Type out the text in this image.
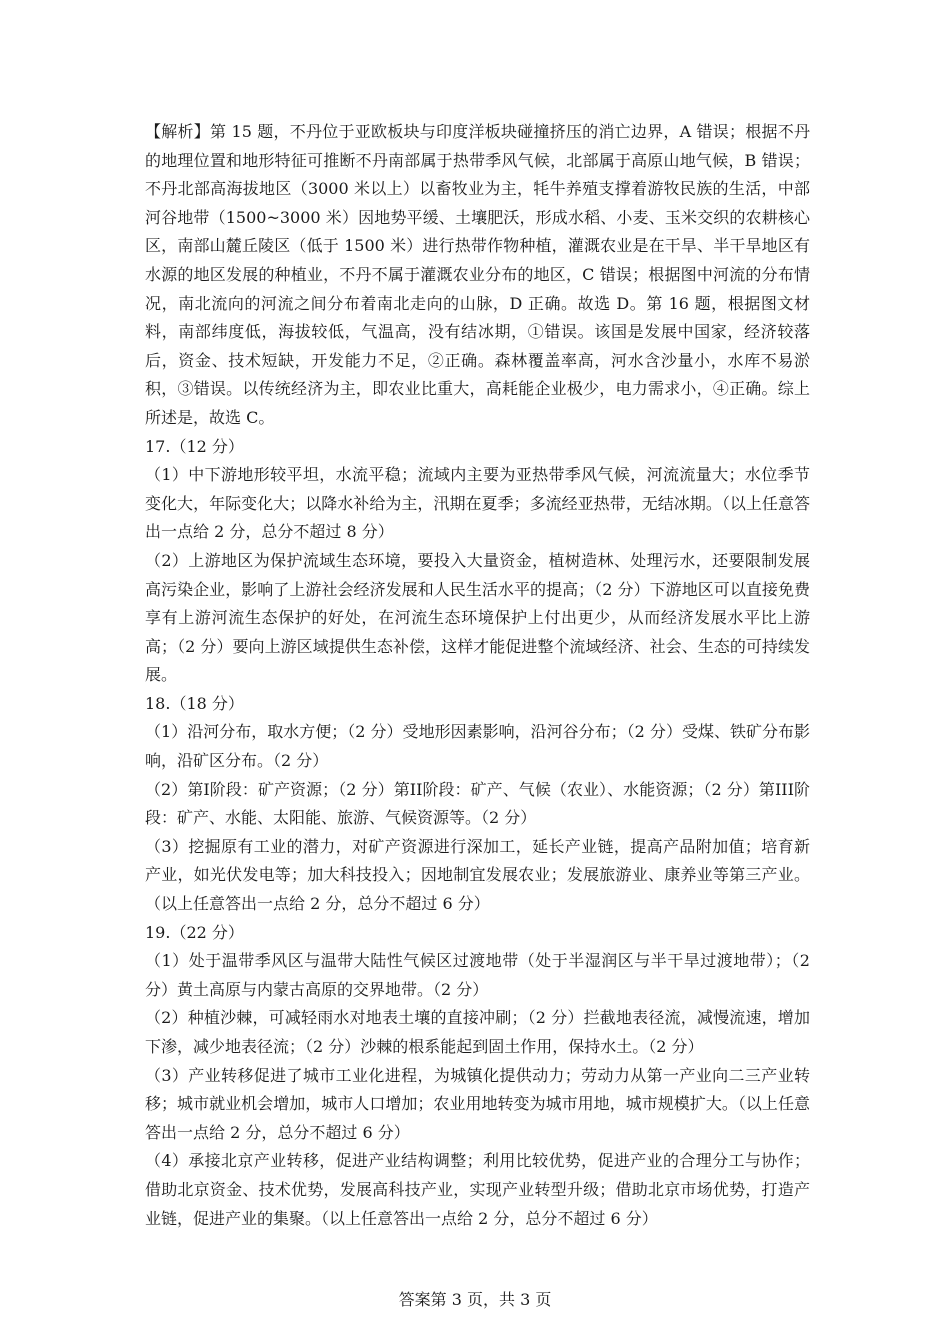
【解析】第 15 题，不丹位于亚欧板块与印度洋板块碰撞挤压的消亡边界，A 错误；根据不丹的地理位置和地形特征可推断不丹南部属于热带季风气候，北部属于高原山地气候，B 错误；不丹北部高海拔地区（3000 米以上）以畜牧业为主，牦牛养殖支撑着游牧民族的生活，中部河谷地带（1500~3000 米）因地势平缓、土壤肥沃，形成水稻、小麦、玉米交织的农耕核心区，南部山麓丘陵区（低于 1500 米）进行热带作物种植，灌溉农业是在干旱、半干旱地区有水源的地区发展的种植业，不丹不属于灌溉农业分布的地区，C 错误；根据图中河流的分布情况，南北流向的河流之间分布着南北走向的山脉，D 正确。故选 D。第 16 题，根据图文材料，南部纬度低，海拔较低，气温高，没有结冰期，①错误。该国是发展中国家，经济较落后，资金、技术短缺，开发能力不足，②正确。森林覆盖率高，河水含沙量小，水库不易淤积，③错误。以传统经济为主，即农业比重大，高耗能企业极少，电力需求小，④正确。综上所述是，故选 C。

17.（12 分）

（1）中下游地形较平坦，水流平稳；流域内主要为亚热带季风气候，河流流量大；水位季节变化大，年际变化大；以降水补给为主，汛期在夏季；多流经亚热带，无结冰期。（以上任意答出一点给 2 分，总分不超过 8 分）

（2）上游地区为保护流域生态环境，要投入大量资金，植树造林、处理污水，还要限制发展高污染企业，影响了上游社会经济发展和人民生活水平的提高；（2 分）下游地区可以直接免费享有上游河流生态保护的好处，在河流生态环境保护上付出更少，从而经济发展水平比上游高；（2 分）要向上游区域提供生态补偿，这样才能促进整个流域经济、社会、生态的可持续发展。

18.（18 分）

（1）沿河分布，取水方便；（2 分）受地形因素影响，沿河谷分布；（2 分）受煤、铁矿分布影响，沿矿区分布。（2 分）

（2）第I阶段：矿产资源；（2 分）第II阶段：矿产、气候（农业）、水能资源；（2 分）第III阶段：矿产、水能、太阳能、旅游、气候资源等。（2 分）

（3）挖掘原有工业的潜力，对矿产资源进行深加工，延长产业链，提高产品附加值；培育新产业，如光伏发电等；加大科技投入；因地制宜发展农业；发展旅游业、康养业等第三产业。（以上任意答出一点给 2 分，总分不超过 6 分）

19.（22 分）

（1）处于温带季风区与温带大陆性气候区过渡地带（处于半湿润区与半干旱过渡地带）；（2 分）黄土高原与内蒙古高原的交界地带。（2 分）

（2）种植沙棘，可减轻雨水对地表土壤的直接冲刷；（2 分）拦截地表径流，减慢流速，增加下渗，减少地表径流；（2 分）沙棘的根系能起到固土作用，保持水土。（2 分）

（3）产业转移促进了城市工业化进程，为城镇化提供动力；劳动力从第一产业向二三产业转移；城市就业机会增加，城市人口增加；农业用地转变为城市用地，城市规模扩大。（以上任意答出一点给 2 分，总分不超过 6 分）

（4）承接北京产业转移，促进产业结构调整；利用比较优势，促进产业的合理分工与协作；借助北京资金、技术优势，发展高科技产业，实现产业转型升级；借助北京市场优势，打造产业链，促进产业的集聚。（以上任意答出一点给 2 分，总分不超过 6 分）

答案第 3 页，共 3 页
